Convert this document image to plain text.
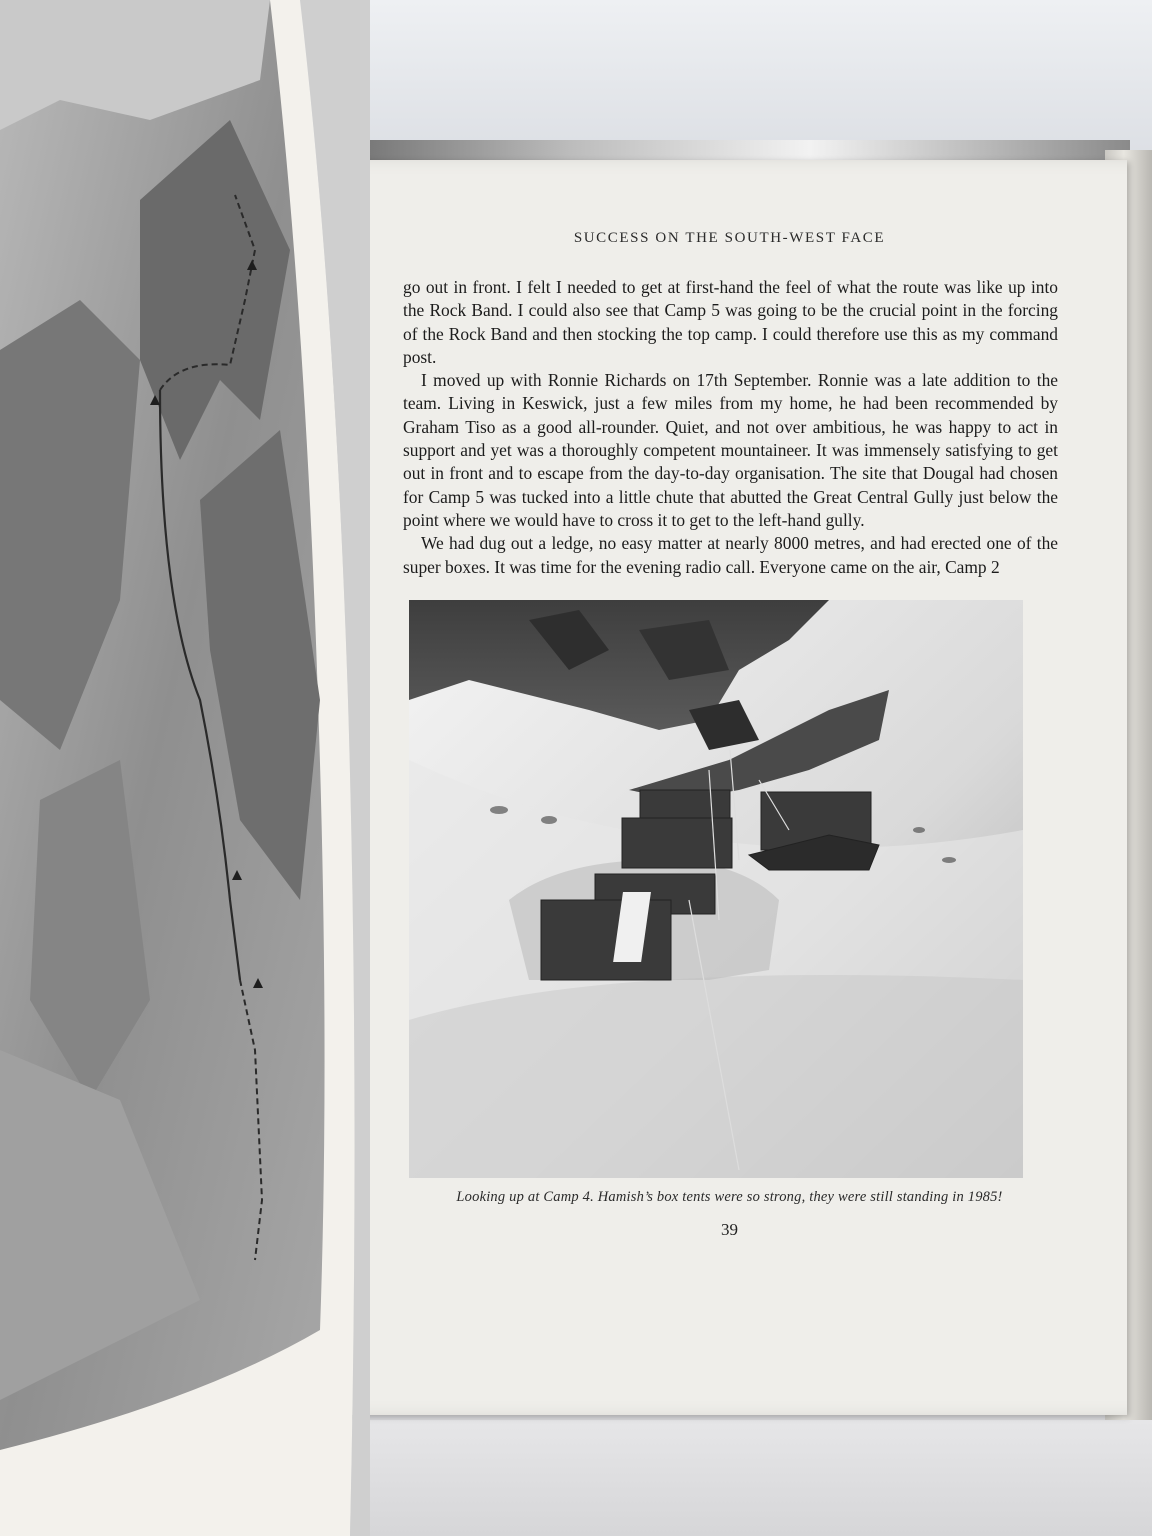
SUCCESS ON THE SOUTH-WEST FACE

go out in front. I felt I needed to get at first-hand the feel of what the route was like up into the Rock Band. I could also see that Camp 5 was going to be the crucial point in the forcing of the Rock Band and then stocking the top camp. I could therefore use this as my command post.

I moved up with Ronnie Richards on 17th September. Ronnie was a late addition to the team. Living in Keswick, just a few miles from my home, he had been recommended by Graham Tiso as a good all-rounder. Quiet, and not over ambitious, he was happy to act in support and yet was a thoroughly competent mountaineer. It was immensely satisfying to get out in front and to escape from the day-to-day organisation. The site that Dougal had chosen for Camp 5 was tucked into a little chute that abutted the Great Central Gully just below the point where we would have to cross it to get to the left-hand gully.

We had dug out a ledge, no easy matter at nearly 8000 metres, and had erected one of the super boxes. It was time for the evening radio call. Everyone came on the air, Camp 2

Looking up at Camp 4. Hamish’s box tents were so strong, they were still standing in 1985!
39
